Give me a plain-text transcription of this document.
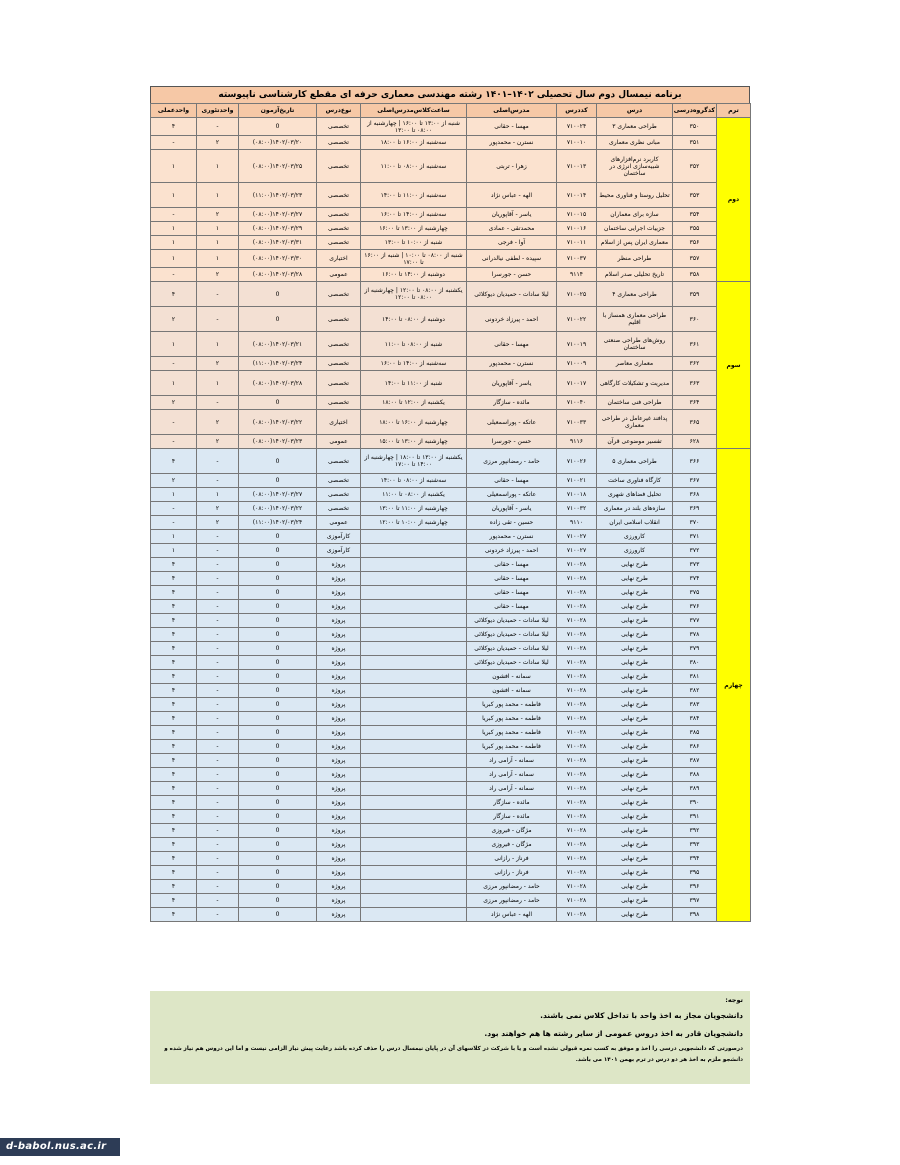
برنامه نیمسال دوم سال تحصیلی ۱۴۰۲–۱۴۰۱ رشته مهندسی معماری حرفه ای مقطع کارشناسی ناپیوسته
ترم	کدگروه‌درسی	درس	کددرس	مدرس‌اصلی	ساعت‌کلاس‌مدرس‌اصلی	نوع‌درس	تاریخ‌آزمون	واحدتئوری	واحدعملی
دوم	۳۵۰	طراحی معماری ۳	۷۱۰۰۲۴	مهسا - حقانی	شنبه از ۱۳:۰۰ تا ۱۶:۰۰ | چهارشنبه از ۰۸:۰۰ تا ۱۳:۰۰	تخصصی	0	-	۴
	۳۵۱	مبانی نظری معماری	۷۱۰۰۱۰	نسترن - محمدپور	سه‌شنبه از ۱۶:۰۰ تا ۱۸:۰۰	تخصصی	۱۴۰۲/۰۳/۲۰(۰۸:۰۰)	۲	-
	۳۵۲	کاربرد نرم‌افزارهای شبیه‌سازی انرژی در ساختمان	۷۱۰۰۱۳	زهرا - تربتی	سه‌شنبه از ۰۸:۰۰ تا ۱۱:۰۰	تخصصی	۱۴۰۲/۰۳/۲۵(۰۸:۰۰)	۱	۱
	۳۵۳	تحلیل روستا و فناوری محیط	۷۱۰۰۱۴	الهه - عباس نژاد	سه‌شنبه از ۱۱:۰۰ تا ۱۴:۰۰	تخصصی	۱۴۰۲/۰۳/۲۳(۱۱:۰۰)	۱	۱
	۳۵۴	سازه برای معماران	۷۱۰۰۱۵	یاسر - آقاپوریان	سه‌شنبه از ۱۴:۰۰ تا ۱۶:۰۰	تخصصی	۱۴۰۲/۰۳/۲۷(۰۸:۰۰)	۲	-
	۳۵۵	جزییات اجرایی ساختمان	۷۱۰۰۱۶	محمدتقی - عمادی	چهارشنبه از ۱۳:۰۰ تا ۱۶:۰۰	تخصصی	۱۴۰۲/۰۳/۲۹(۰۸:۰۰)	۱	۱
	۳۵۶	معماری ایران پس از اسلام	۷۱۰۰۱۱	آوا - فرجی	شنبه از ۱۰:۰۰ تا ۱۳:۰۰	تخصصی	۱۴۰۲/۰۳/۳۱(۰۸:۰۰)	۱	۱
	۳۵۷	طراحی منظر	۷۱۰۰۳۷	سپیده - لطفی نیالدرانی	شنبه از ۰۸:۰۰ تا ۱۰:۰۰ | شنبه از ۱۶:۰۰ تا ۱۷:۰۰	اختیاری	۱۴۰۲/۰۳/۳۰(۰۸:۰۰)	۱	۱
	۳۵۸	تاریخ تحلیلی صدر اسلام	۹۱۱۴	حسن - جورسرا	دوشنبه از ۱۴:۰۰ تا ۱۶:۰۰	عمومی	۱۴۰۲/۰۳/۲۸(۰۸:۰۰)	۲	-
سوم	۳۵۹	طراحی معماری ۴	۷۱۰۰۲۵	لیلا سادات - حمیدیان دیوکلائی	یکشنبه از ۰۸:۰۰ تا ۱۲:۰۰ | چهارشنبه از ۰۸:۰۰ تا ۱۲:۰۰	تخصصی	0	-	۴
	۳۶۰	طراحی معماری همساز با اقلیم	۷۱۰۰۲۲	احمد - پیرزاد خردونی	دوشنبه از ۰۸:۰۰ تا ۱۴:۰۰	تخصصی	0	-	۲
	۳۶۱	روش‌های طراحی صنعتی ساختمان	۷۱۰۰۱۹	مهسا - حقانی	شنبه از ۰۸:۰۰ تا ۱۱:۰۰	تخصصی	۱۴۰۲/۰۳/۲۱(۰۸:۰۰)	۱	۱
	۳۶۲	معماری معاصر	۷۱۰۰۰۹	نسترن - محمدپور	سه‌شنبه از ۱۴:۰۰ تا ۱۶:۰۰	تخصصی	۱۴۰۲/۰۳/۲۴(۱۱:۰۰)	۲	-
	۳۶۳	مدیریت و تشکیلات کارگاهی	۷۱۰۰۱۷	یاسر - آقاپوریان	شنبه از ۱۱:۰۰ تا ۱۴:۰۰	تخصصی	۱۴۰۲/۰۳/۲۸(۰۸:۰۰)	۱	۱
	۳۶۴	طراحی فنی ساختمان	۷۱۰۰۴۰	مائده - سازگار	یکشنبه از ۱۲:۰۰ تا ۱۸:۰۰	تخصصی	0	-	۲
	۳۶۵	پدافند غیرعامل در طراحی معماری	۷۱۰۰۳۳	عاتکه - پوراسمعیلی	چهارشنبه از ۱۶:۰۰ تا ۱۸:۰۰	اختیاری	۱۴۰۲/۰۳/۲۲(۰۸:۰۰)	۲	-
	۶۲۸	تفسیر موضوعی قرآن	۹۱۱۶	حسن - جورسرا	چهارشنبه از ۱۳:۰۰ تا ۱۵:۰۰	عمومی	۱۴۰۲/۰۳/۲۳(۰۸:۰۰)	۲	-
چهارم	۳۶۶	طراحی معماری ۵	۷۱۰۰۲۶	حامد - رمضانپور مرزی	یکشنبه از ۱۳:۰۰ تا ۱۸:۰۰ | چهارشنبه از ۱۴:۰۰ تا ۱۷:۰۰	تخصصی	0	-	۴
	۳۶۷	کارگاه فناوری ساخت	۷۱۰۰۲۱	مهسا - حقانی	سه‌شنبه از ۰۸:۰۰ تا ۱۴:۰۰	تخصصی	0	-	۲
	۳۶۸	تحلیل فضاهای شهری	۷۱۰۰۱۸	عاتکه - پوراسمعیلی	یکشنبه از ۰۸:۰۰ تا ۱۱:۰۰	تخصصی	۱۴۰۲/۰۳/۲۷(۰۸:۰۰)	۱	۱
	۳۶۹	سازه‌های بلند در معماری	۷۱۰۰۳۲	یاسر - آقاپوریان	چهارشنبه از ۱۱:۰۰ تا ۱۳:۰۰	تخصصی	۱۴۰۲/۰۳/۲۲(۰۸:۰۰)	۲	-
	۳۷۰	انقلاب اسلامی ایران	۹۱۱۰	حسین - تقی زاده	چهارشنبه از ۱۰:۰۰ تا ۱۲:۰۰	عمومی	۱۴۰۲/۰۳/۲۴(۱۱:۰۰)	۲	-
	۳۷۱	کارورزی	۷۱۰۰۲۷	نسترن - محمدپور		کارآموزی	0	-	۱
	۳۷۲	کارورزی	۷۱۰۰۲۷	احمد - پیرزاد خردونی		کارآموزی	0	-	۱
	۳۷۳	طرح نهایی	۷۱۰۰۲۸	مهسا - حقانی		پروژه	0	-	۴
	۳۷۴	طرح نهایی	۷۱۰۰۲۸	مهسا - حقانی		پروژه	0	-	۴
	۳۷۵	طرح نهایی	۷۱۰۰۲۸	مهسا - حقانی		پروژه	0	-	۴
	۳۷۶	طرح نهایی	۷۱۰۰۲۸	مهسا - حقانی		پروژه	0	-	۴
	۳۷۷	طرح نهایی	۷۱۰۰۲۸	لیلا سادات - حمیدیان دیوکلائی		پروژه	0	-	۴
	۳۷۸	طرح نهایی	۷۱۰۰۲۸	لیلا سادات - حمیدیان دیوکلائی		پروژه	0	-	۴
	۳۷۹	طرح نهایی	۷۱۰۰۲۸	لیلا سادات - حمیدیان دیوکلائی		پروژه	0	-	۴
	۳۸۰	طرح نهایی	۷۱۰۰۲۸	لیلا سادات - حمیدیان دیوکلائی		پروژه	0	-	۴
	۳۸۱	طرح نهایی	۷۱۰۰۲۸	سمانه - افشون		پروژه	0	-	۴
	۳۸۲	طرح نهایی	۷۱۰۰۲۸	سمانه - افشون		پروژه	0	-	۴
	۳۸۳	طرح نهایی	۷۱۰۰۲۸	فاطمه - محمد پور کبریا		پروژه	0	-	۴
	۳۸۴	طرح نهایی	۷۱۰۰۲۸	فاطمه - محمد پور کبریا		پروژه	0	-	۴
	۳۸۵	طرح نهایی	۷۱۰۰۲۸	فاطمه - محمد پور کبریا		پروژه	0	-	۴
	۳۸۶	طرح نهایی	۷۱۰۰۲۸	فاطمه - محمد پور کبریا		پروژه	0	-	۴
	۳۸۷	طرح نهایی	۷۱۰۰۲۸	سمانه - آرامی راد		پروژه	0	-	۴
	۳۸۸	طرح نهایی	۷۱۰۰۲۸	سمانه - آرامی راد		پروژه	0	-	۴
	۳۸۹	طرح نهایی	۷۱۰۰۲۸	سمانه - آرامی راد		پروژه	0	-	۴
	۳۹۰	طرح نهایی	۷۱۰۰۲۸	مائده - سازگار		پروژه	0	-	۴
	۳۹۱	طرح نهایی	۷۱۰۰۲۸	مائده - سازگار		پروژه	0	-	۴
	۳۹۲	طرح نهایی	۷۱۰۰۲۸	مژگان - فیروزی		پروژه	0	-	۴
	۳۹۳	طرح نهایی	۷۱۰۰۲۸	مژگان - فیروزی		پروژه	0	-	۴
	۳۹۴	طرح نهایی	۷۱۰۰۲۸	فرناز - رازانی		پروژه	0	-	۴
	۳۹۵	طرح نهایی	۷۱۰۰۲۸	فرناز - رازانی		پروژه	0	-	۴
	۳۹۶	طرح نهایی	۷۱۰۰۲۸	حامد - رمضانپور مرزی		پروژه	0	-	۴
	۳۹۷	طرح نهایی	۷۱۰۰۲۸	حامد - رمضانپور مرزی		پروژه	0	-	۴
	۳۹۸	طرح نهایی	۷۱۰۰۲۸	الهه - عباس نژاد		پروژه	0	-	۴
توجه:
دانشجویان مجاز به اخذ واحد با تداخل کلاس نمی باشند.
دانشجویان قادر به اخذ دروس عمومی از سایر رشته ها هم خواهند بود.
درصورتی که دانشجویی درسی را اخذ و موفق به کسب نمره قبولی نشده است و یا با شرکت در کلاسهای آن در پایان نیمسال درس را حذف کرده باشد رعایت پیش نیاز الزامی نیست و اما این دروس هم نیاز شده و دانشجو ملزم به اخذ هر دو درس در ترم بهمن ۱۴۰۱ می باشد.
d-babol.nus.ac.ir
